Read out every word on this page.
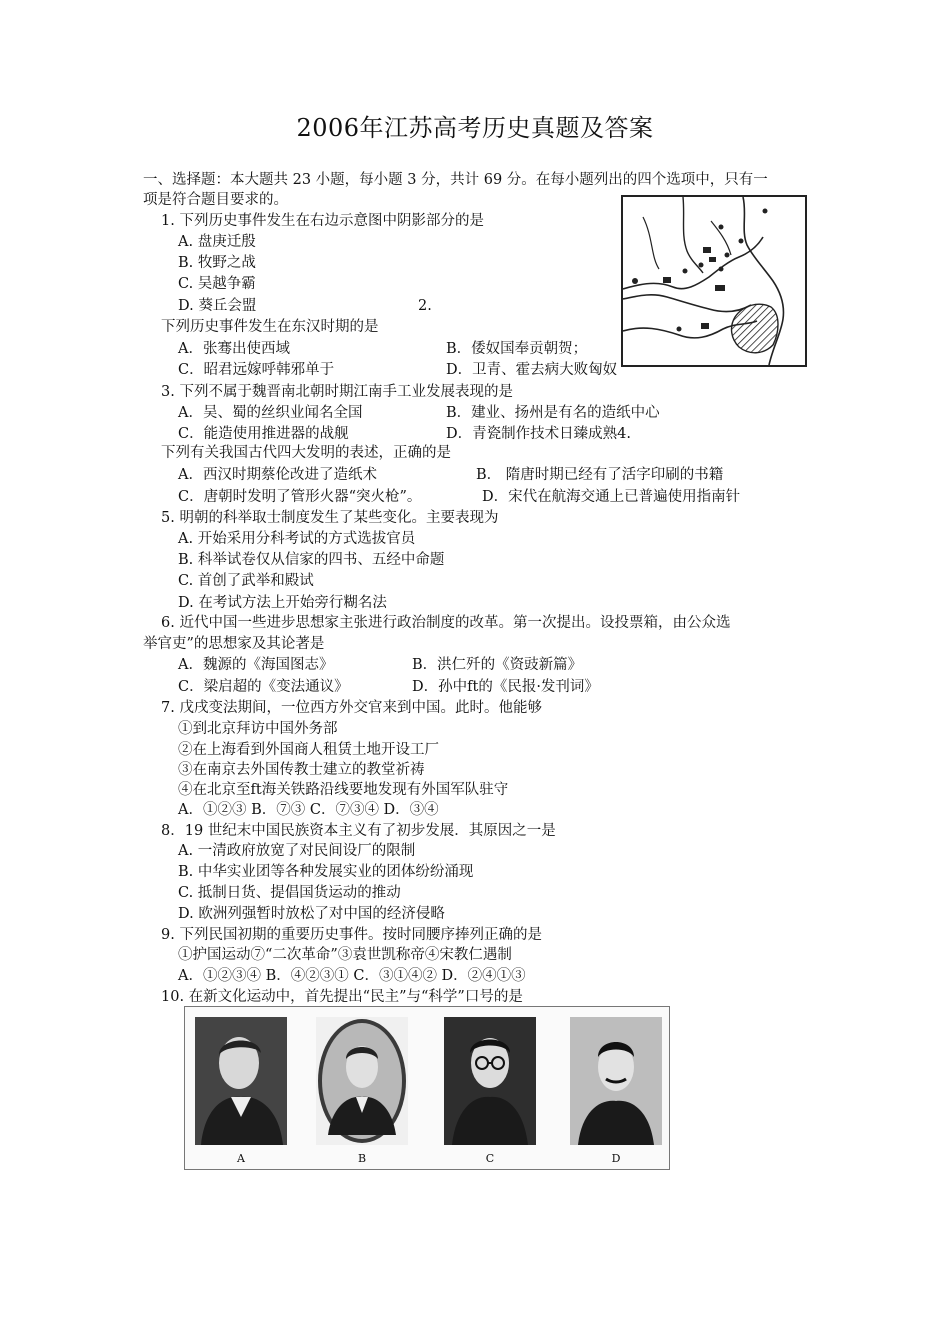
2006年江苏高考历史真题及答案
一、选择题：本大题共 23 小题，每小题 3 分，共计 69 分。在每小题列出的四个选项中，只有一
项是符合题目要求的。
1. 下列历史事件发生在右边示意图中阴影部分的是
A. 盘庚迁殷
B. 牧野之战
C. 吴越争霸
D. 葵丘会盟	2.
下列历史事件发生在东汉时期的是
A．张骞出使西域	B．倭奴国奉贡朝贺；
C．昭君远嫁呼韩邪单于	D．卫青、霍去病大败匈奴
3. 下列不属于魏晋南北朝时期江南手工业发展表现的是
A．吴、蜀的丝织业闻名全国	B．建业、扬州是有名的造纸中心
C．能造使用推进器的战舰	D．青瓷制作技术日臻成熟4.
下列有关我国古代四大发明的表述，正确的是
A．西汉时期蔡伦改进了造纸术	B． 隋唐时期已经有了活字印刷的书籍
C．唐朝时发明了管形火器“突火枪”。	D．宋代在航海交通上已普遍使用指南针
5. 明朝的科举取士制度发生了某些变化。主要表现为
A. 开始采用分科考试的方式选拔官员
B. 科举试卷仅从信家的四书、五经中命题
C. 首创了武举和殿试
D. 在考试方法上开始旁行糊名法
6. 近代中国一些进步思想家主张进行政治制度的改革。第一次提出。设投票箱，由公众选
举官吏”的思想家及其论著是
A．魏源的《海国图志》	B．洪仁歼的《资豉新篇》
C．梁启超的《变法通议》	D．孙中ft的《民报·发刊词》
7. 戊戌变法期间，一位西方外交官来到中国。此时。他能够
①到北京拜访中国外务部
②在上海看到外国商人租赁土地开设工厂
③在南京去外国传教士建立的教堂祈祷
④在北京至ft海关铁路沿线要地发现有外国军队驻守
A．①②③ B．⑦③ C．⑦③④ D．③④
8．19 世纪末中国民族资本主义有了初步发展．其原因之一是
A. 一清政府放宽了对民间设厂的限制
B. 中华实业团等各种发展实业的团体纷纷涌现
C. 抵制日货、提倡国货运动的推动
D. 欧洲列强暂时放松了对中国的经济侵略
9. 下列民国初期的重要历史事件。按时同腰序捧列正确的是
①护国运动⑦“二次革命”③袁世凯称帝④宋教仁遇制
A．①②③④ B．④②③① C．③①④② D．②④①③
10. 在新文化运动中，首先提出“民主”与“科学”口号的是
A	B	C	D
